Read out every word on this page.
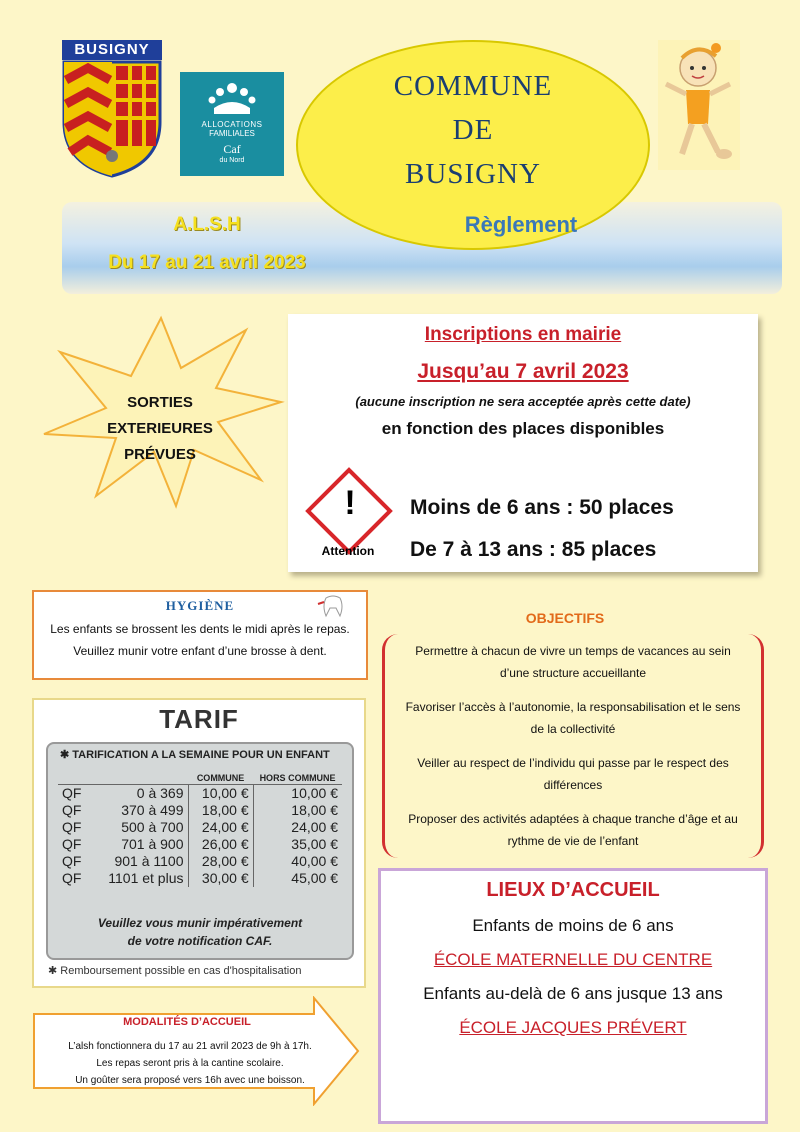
BUSIGNY
ALLOCATIONS
FAMILIALES
Caf
du Nord
A.L.S.H
Du 17 au 21 avril 2023
COMMUNE
DE
BUSIGNY
Règlement
SORTIES
EXTERIEURES
PRÉVUES
Inscriptions en mairie
Jusqu’au 7 avril 2023
(aucune inscription ne sera acceptée après cette date)
en fonction des places disponibles
!
Attention
Moins de 6 ans : 50 places
De 7 à 13 ans : 85 places
HYGIÈNE

Les enfants se brossent les dents le midi après le repas.

Veuillez munir votre enfant d’une brosse à dent.

OBJECTIFS

Permettre à chacun de vivre un temps de vacances au sein d’une structure accueillante

Favoriser l’accès à l’autonomie, la responsabilisation et le sens de la collectivité

Veiller au respect de l’individu qui passe par le respect des différences

Proposer des activités adaptées à chaque tranche d’âge et au rythme de vie de l’enfant

TARIF
✱ TARIFICATION A LA SEMAINE POUR UN ENFANT
		COMMUNE	HORS COMMUNE
QF	0 à 369	10,00 €	10,00 €
QF	370 à 499	18,00 €	18,00 €
QF	500 à 700	24,00 €	24,00 €
QF	701 à 900	26,00 €	35,00 €
QF	901 à 1100	28,00 €	40,00 €
QF	1101 et plus	30,00 €	45,00 €
Veuillez vous munir impérativement
de votre notification CAF.
✱ Remboursement possible en cas d'hospitalisation
MODALITÉS D’ACCUEIL
L’alsh fonctionnera du 17 au 21 avril 2023 de 9h à 17h.
Les repas seront pris à la cantine scolaire.
Un goûter sera proposé vers 16h avec une boisson.
LIEUX D’ACCUEIL
Enfants de moins de 6 ans
ÉCOLE MATERNELLE DU CENTRE
Enfants au-delà de 6 ans jusque 13 ans
ÉCOLE JACQUES PRÉVERT
